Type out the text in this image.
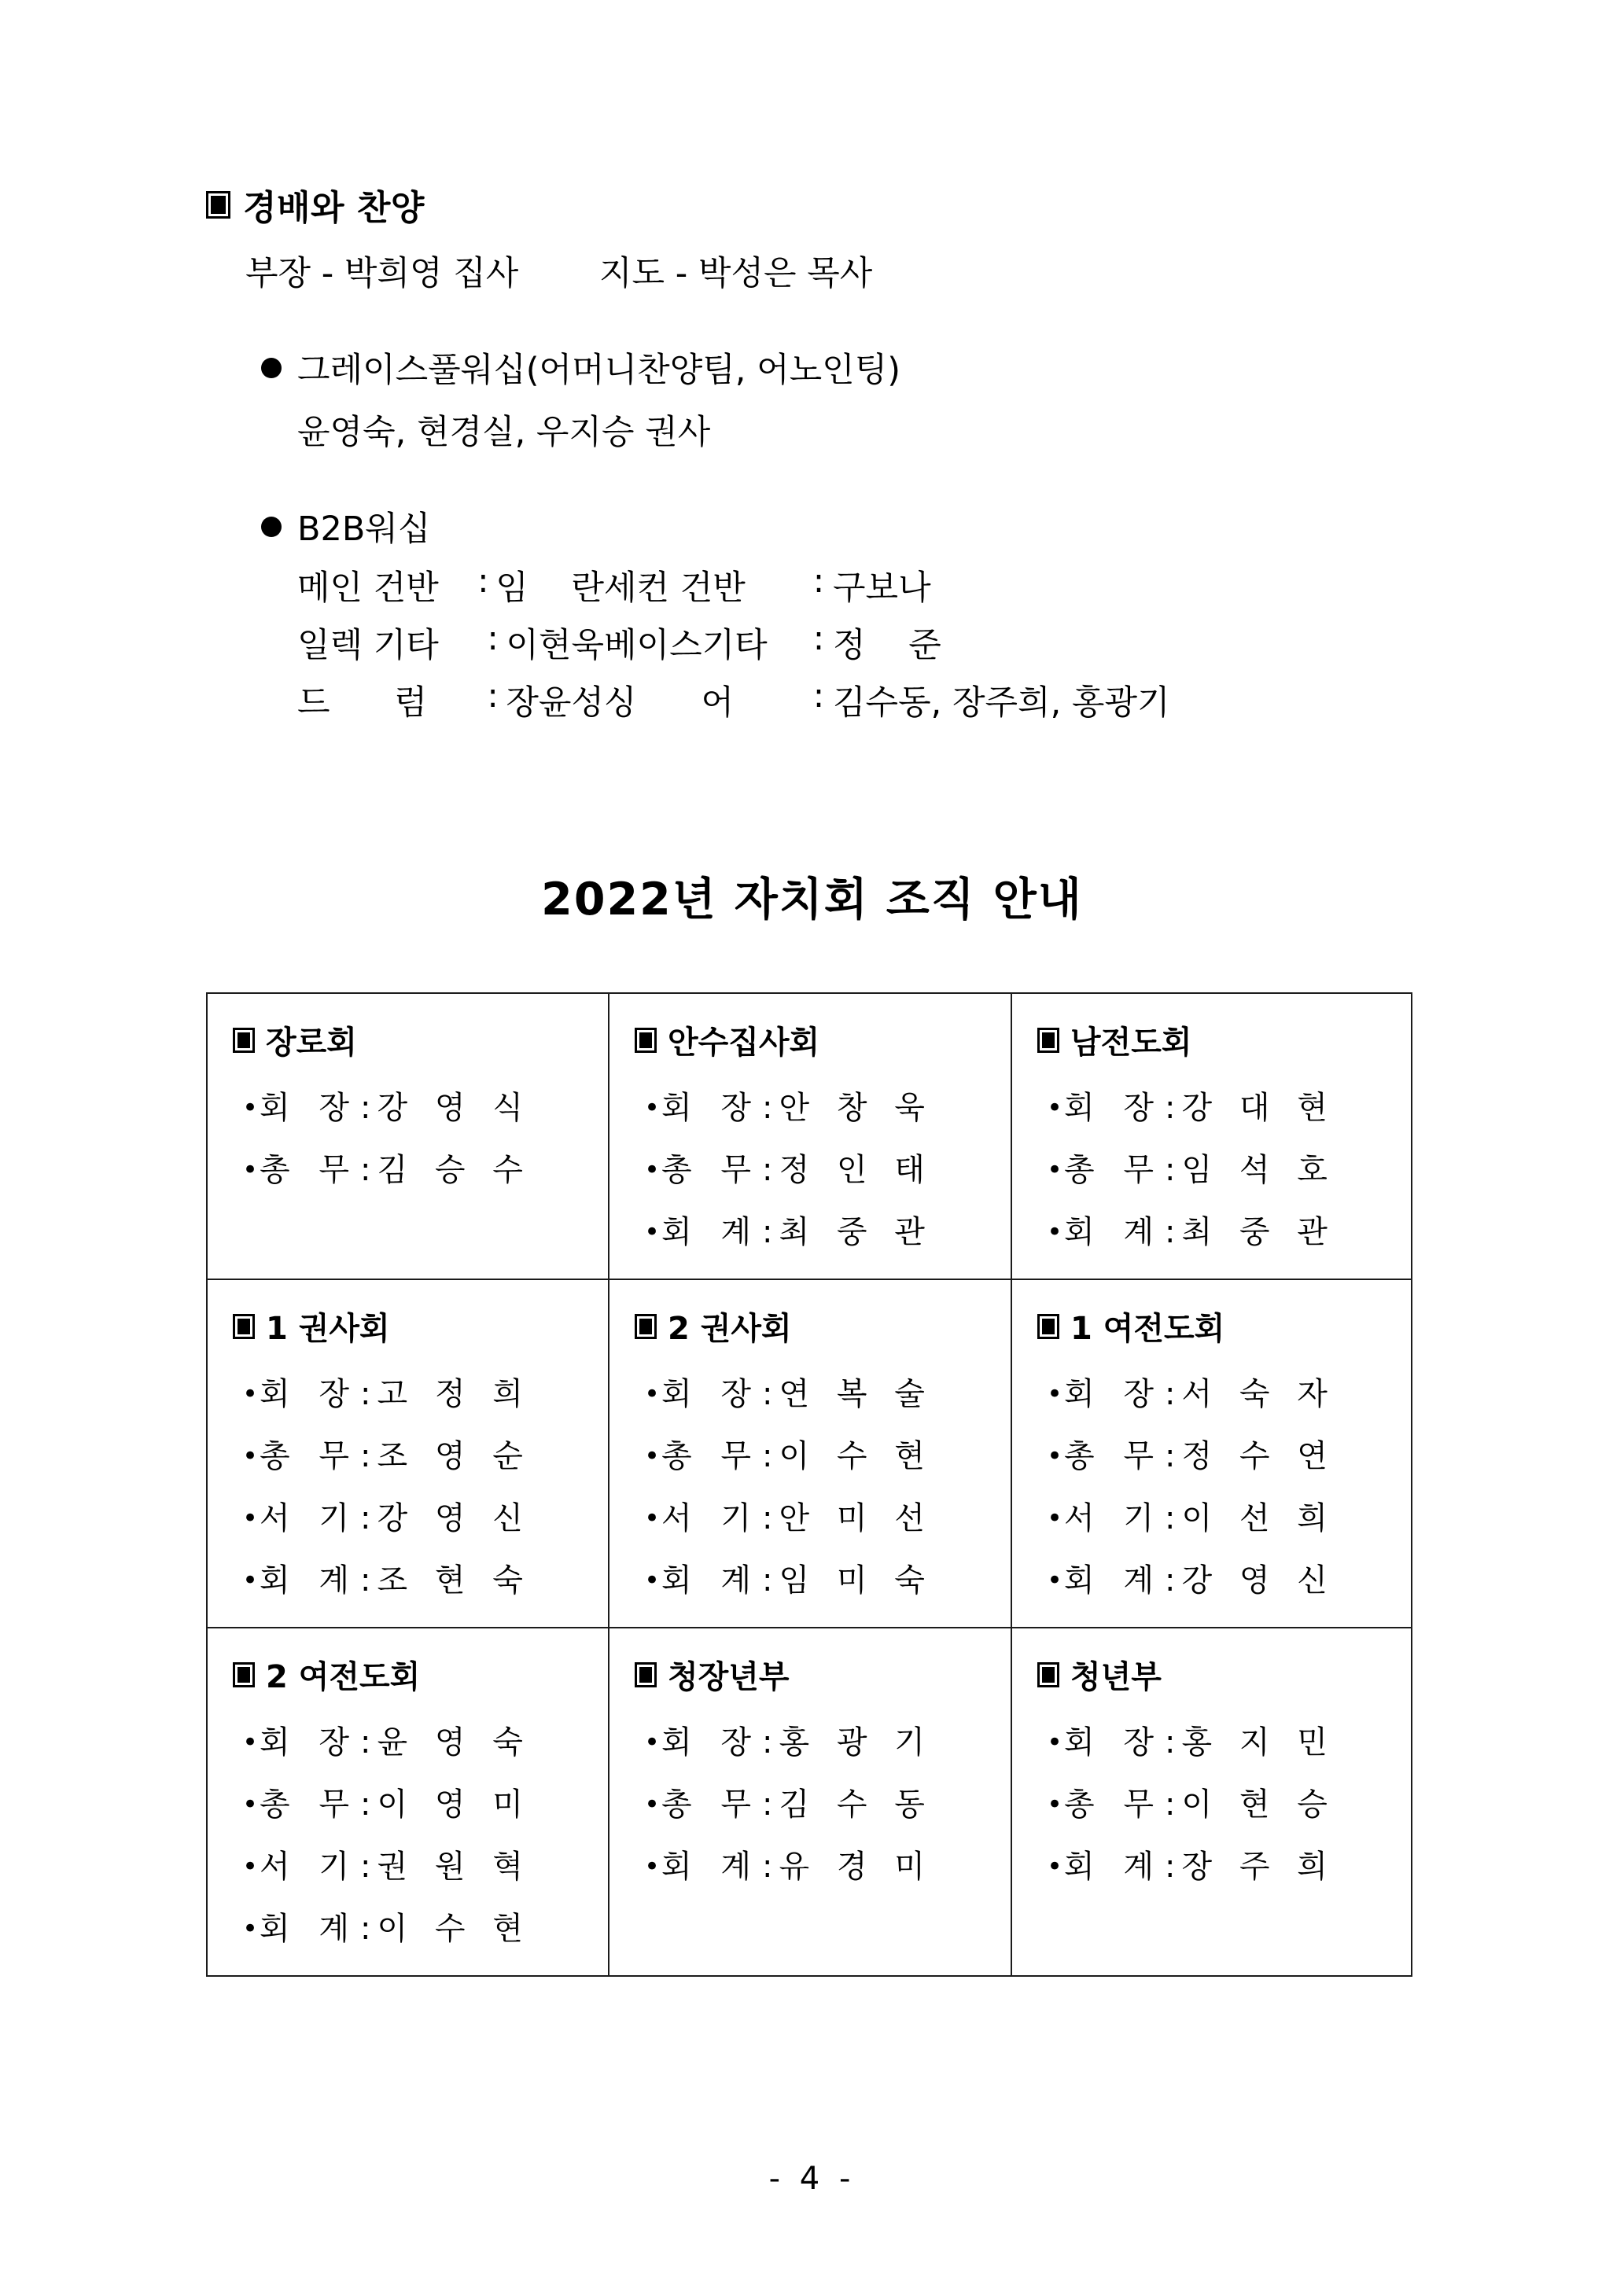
경배와 찬양
부장 - 박희영 집사	지도 - 박성은 목사
그레이스풀워십(어머니찬양팀, 어노인팅)
윤영숙, 현경실, 우지승 권사
B2B워십
메인 건반	: 임    란 세컨 건반	: 구보나
일렉 기타	: 이현욱 베이스기타	: 정    준
드      럼	: 장윤성 싱      어	: 김수동, 장주희, 홍광기
2022년 자치회 조직 안내
장로회
• 회 장 : 강 영 식
• 총 무 : 김 승 수

안수집사회
• 회 장 : 안 창 욱
• 총 무 : 정 인 태
• 회 계 : 최 중 관

남전도회
• 회 장 : 강 대 현
• 총 무 : 임 석 호
• 회 계 : 최 중 관

1 권사회
• 회 장 : 고 정 희
• 총 무 : 조 영 순
• 서 기 : 강 영 신
• 회 계 : 조 현 숙

2 권사회
• 회 장 : 연 복 술
• 총 무 : 이 수 현
• 서 기 : 안 미 선
• 회 계 : 임 미 숙

1 여전도회
• 회 장 : 서 숙 자
• 총 무 : 정 수 연
• 서 기 : 이 선 희
• 회 계 : 강 영 신

2 여전도회
• 회 장 : 윤 영 숙
• 총 무 : 이 영 미
• 서 기 : 권 원 혁
• 회 계 : 이 수 현

청장년부
• 회 장 : 홍 광 기
• 총 무 : 김 수 동
• 회 계 : 유 경 미

청년부
• 회 장 : 홍 지 민
• 총 무 : 이 현 승
• 회 계 : 장 주 희
- 4 -
